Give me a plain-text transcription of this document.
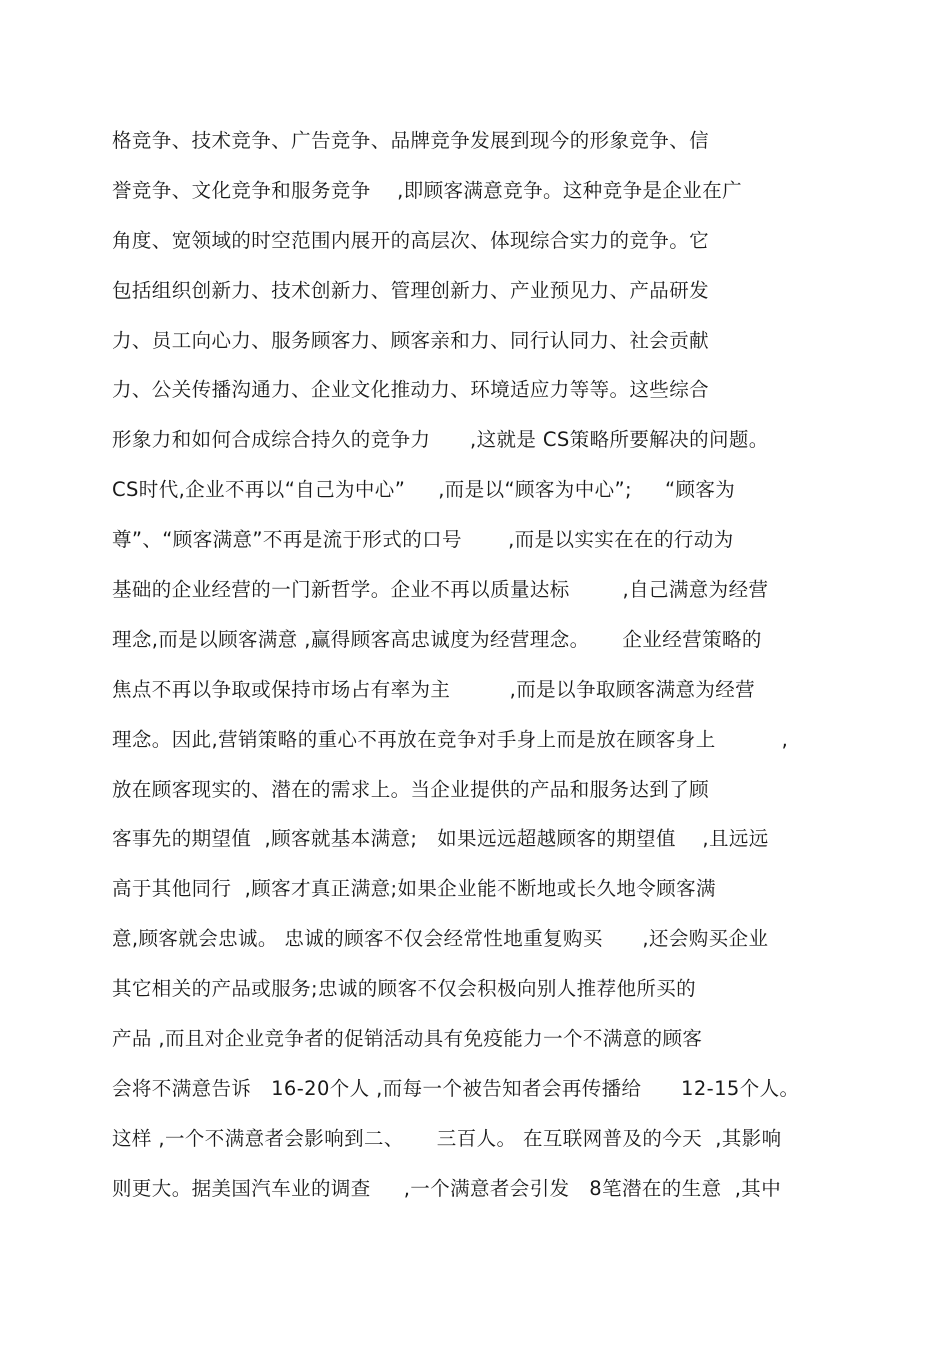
格竞争、技术竞争、广告竞争、品牌竞争发展到现今的形象竞争、信
誉竞争、文化竞争和服务竞争    ,即顾客满意竞争。这种竞争是企业在广
角度、宽领域的时空范围内展开的高层次、体现综合实力的竞争。它
包括组织创新力、技术创新力、管理创新力、产业预见力、产品研发
力、员工向心力、服务顾客力、顾客亲和力、同行认同力、社会贡献
力、公关传播沟通力、企业文化推动力、环境适应力等等。这些综合
形象力和如何合成综合持久的竞争力      ,这就是 CS策略所要解决的问题。
CS时代,企业不再以“自己为中心”     ,而是以“顾客为中心”;     “顾客为
尊”、“顾客满意”不再是流于形式的口号       ,而是以实实在在的行动为
基础的企业经营的一门新哲学。企业不再以质量达标        ,自己满意为经营
理念,而是以顾客满意 ,赢得顾客高忠诚度为经营理念。     企业经营策略的
焦点不再以争取或保持市场占有率为主         ,而是以争取顾客满意为经营
理念。因此,营销策略的重心不再放在竞争对手身上而是放在顾客身上          ,
放在顾客现实的、潜在的需求上。当企业提供的产品和服务达到了顾
客事先的期望值  ,顾客就基本满意;   如果远远超越顾客的期望值    ,且远远
高于其他同行  ,顾客才真正满意;如果企业能不断地或长久地令顾客满
意,顾客就会忠诚。 忠诚的顾客不仅会经常性地重复购买      ,还会购买企业
其它相关的产品或服务;忠诚的顾客不仅会积极向别人推荐他所买的
产品 ,而且对企业竞争者的促销活动具有免疫能力一个不满意的顾客
会将不满意告诉   16-20个人 ,而每一个被告知者会再传播给      12-15个人。
这样 ,一个不满意者会影响到二、     三百人。 在互联网普及的今天  ,其影响
则更大。据美国汽车业的调查     ,一个满意者会引发   8笔潜在的生意  ,其中
